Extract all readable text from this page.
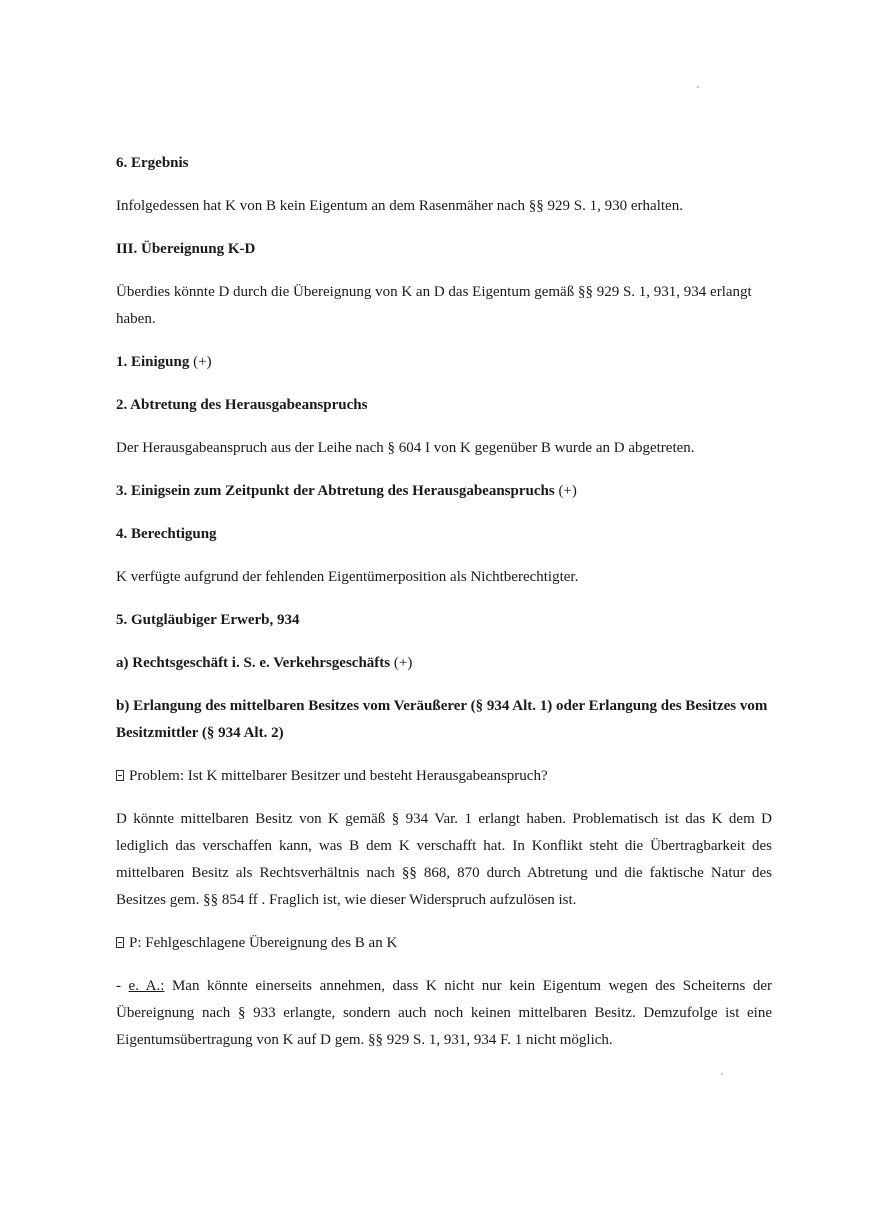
6. Ergebnis

Infolgedessen hat K von B kein Eigentum an dem Rasenmäher nach §§ 929 S. 1, 930 erhalten.

III. Übereignung K-D

Überdies könnte D durch die Übereignung von K an D das Eigentum gemäß §§ 929 S. 1, 931, 934 erlangt haben.

1. Einigung (+)

2. Abtretung des Herausgabeanspruchs

Der Herausgabeanspruch aus der Leihe nach § 604 I von K gegenüber B wurde an D abgetreten.

3. Einigsein zum Zeitpunkt der Abtretung des Herausgabeanspruchs (+)

4. Berechtigung

K verfügte aufgrund der fehlenden Eigentümerposition als Nichtberechtigter.

5. Gutgläubiger Erwerb, 934

a) Rechtsgeschäft i. S. e. Verkehrsgeschäfts (+)

b) Erlangung des mittelbaren Besitzes vom Veräußerer (§ 934 Alt. 1) oder Erlangung des Besitzes vom Besitzmittler (§ 934 Alt. 2)

Problem: Ist K mittelbarer Besitzer und besteht Herausgabeanspruch?

D könnte mittelbaren Besitz von K gemäß § 934 Var. 1 erlangt haben. Problematisch ist das K dem D lediglich das verschaffen kann, was B dem K verschafft hat. In Konflikt steht die Übertragbarkeit des mittelbaren Besitz als Rechtsverhältnis nach §§ 868, 870 durch Abtretung und die faktische Natur des Besitzes gem. §§ 854 ff . Fraglich ist, wie dieser Widerspruch aufzulösen ist.

P: Fehlgeschlagene Übereignung des B an K

- e. A.: Man könnte einerseits annehmen, dass K nicht nur kein Eigentum wegen des Scheiterns der Übereignung nach § 933 erlangte, sondern auch noch keinen mittelbaren Besitz. Demzufolge ist eine Eigentumsübertragung von K auf D gem. §§ 929 S. 1, 931, 934 F. 1 nicht möglich.
